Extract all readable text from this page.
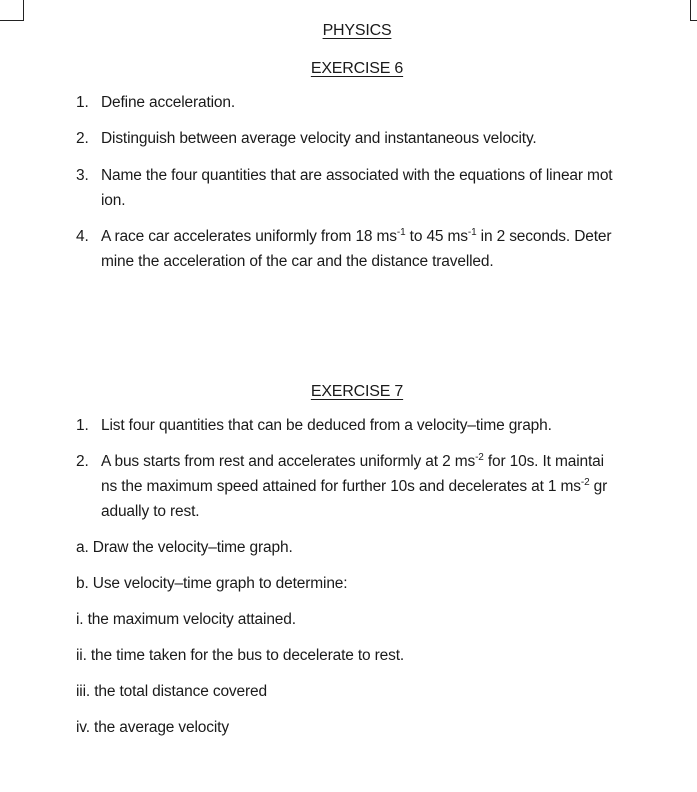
PHYSICS
EXERCISE 6
1. Define acceleration.
2. Distinguish between average velocity and instantaneous velocity.
3. Name the four quantities that are associated with the equations of linear mot
ion.
4. A race car accelerates uniformly from 18 $ms^{-1}$ to 45 $ms^{-1}$ in 2 seconds. Deter
mine the acceleration of the car and the distance travelled.
EXERCISE 7
1. List four quantities that can be deduced from a velocity–time graph.
2. A bus starts from rest and accelerates uniformly at 2 $ms^{-2}$ for 10s. It maintai
ns the maximum speed attained for further 10s and decelerates at 1 $ms^{-2}$ gr
adually to rest.
a. Draw the velocity–time graph.
b. Use velocity–time graph to determine:
i. the maximum velocity attained.
ii. the time taken for the bus to decelerate to rest.
iii. the total distance covered
iv. the average velocity
